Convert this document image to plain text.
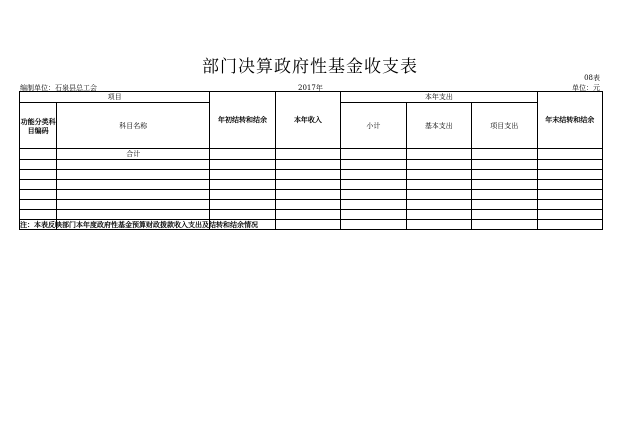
部门决算政府性基金收支表
08表
编制单位：石泉县总工会	2017年	单位：元
项目		年初结转和结余	本年收入	本年支出			年末结转和结余
功能分类科目编码	科目名称			小计	基本支出	项目支出	
	合计						

注：本表反映部门本年度政府性基金预算财政拨款收入支出及结转和结余情况
